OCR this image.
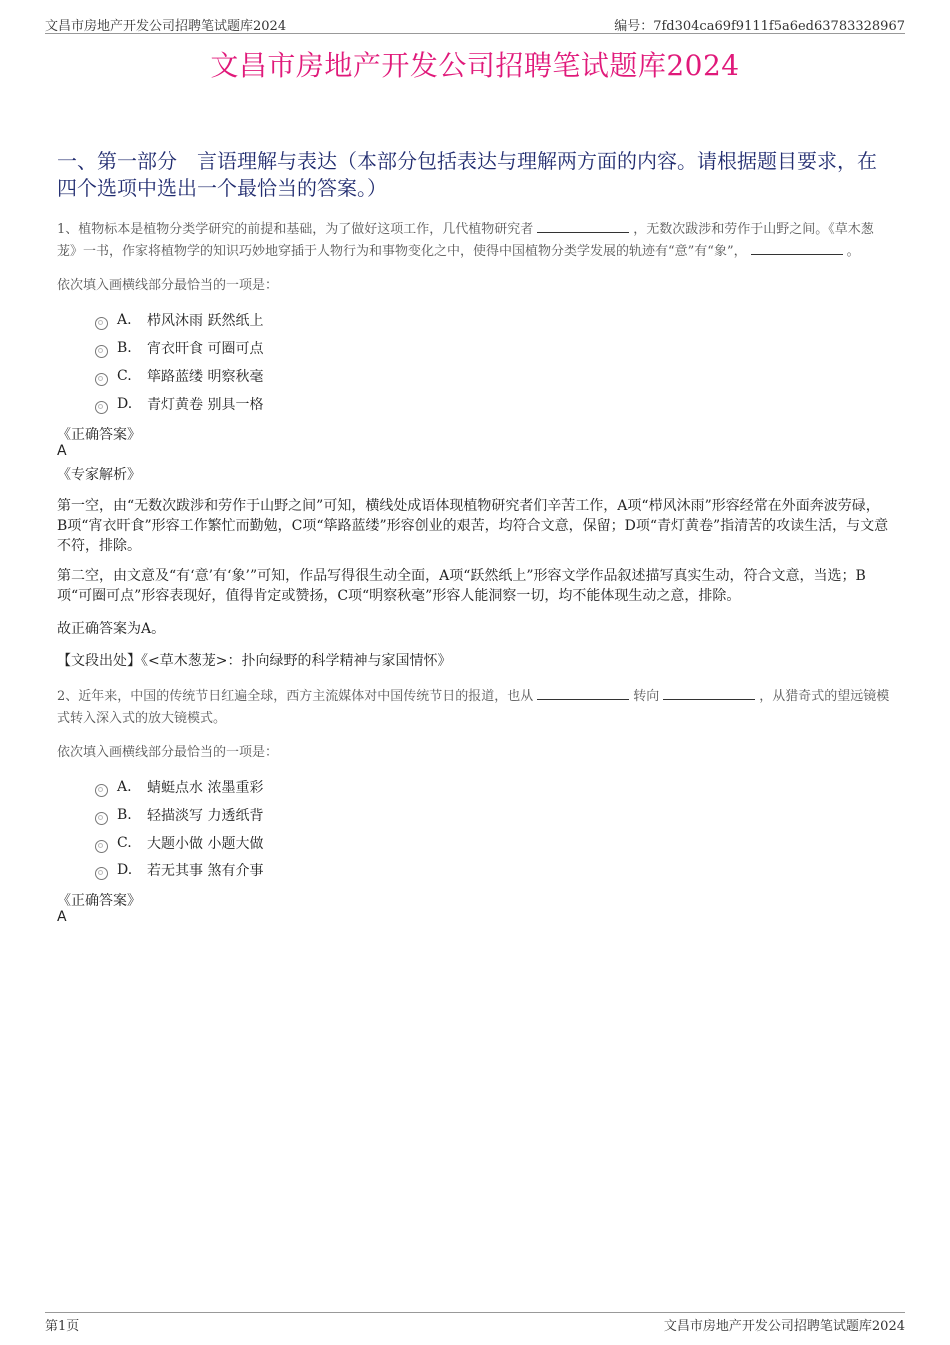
文昌市房地产开发公司招聘笔试题库2024	编号：7fd304ca69f9111f5a6ed63783328967
文昌市房地产开发公司招聘笔试题库2024
一、第一部分　言语理解与表达（本部分包括表达与理解两方面的内容。请根据题目要求，在四个选项中选出一个最恰当的答案。）
1、植物标本是植物分类学研究的前提和基础，为了做好这项工作，几代植物研究者	，无数次跋涉和劳作于山野之间。《草木葱茏》一书，作家将植物学的知识巧妙地穿插于人物行为和事物变化之中，使得中国植物分类学发展的轨迹有“意”有“象”，	。
依次填入画横线部分最恰当的一项是：
A.	栉风沐雨 跃然纸上
B.	宵衣旰食 可圈可点
C.	筚路蓝缕 明察秋毫
D.	青灯黄卷 别具一格
《正确答案》
A
《专家解析》
第一空，由“无数次跋涉和劳作于山野之间”可知，横线处成语体现植物研究者们辛苦工作，A项“栉风沐雨”形容经常在外面奔波劳碌，B项“宵衣旰食”形容工作繁忙而勤勉，C项“筚路蓝缕”形容创业的艰苦，均符合文意，保留；D项“青灯黄卷”指清苦的攻读生活，与文意不符，排除。
第二空，由文意及“有‘意’有‘象’”可知，作品写得很生动全面，A项“跃然纸上”形容文学作品叙述描写真实生动，符合文意，当选；B项“可圈可点”形容表现好，值得肯定或赞扬，C项“明察秋毫”形容人能洞察一切，均不能体现生动之意，排除。
故正确答案为A。
【文段出处】《<草木葱茏>：扑向绿野的科学精神与家国情怀》
2、近年来，中国的传统节日红遍全球，西方主流媒体对中国传统节日的报道，也从	转向	，从猎奇式的望远镜模式转入深入式的放大镜模式。
依次填入画横线部分最恰当的一项是：
A.	蜻蜓点水 浓墨重彩
B.	轻描淡写 力透纸背
C.	大题小做 小题大做
D.	若无其事 煞有介事
《正确答案》
A
第1页	文昌市房地产开发公司招聘笔试题库2024
